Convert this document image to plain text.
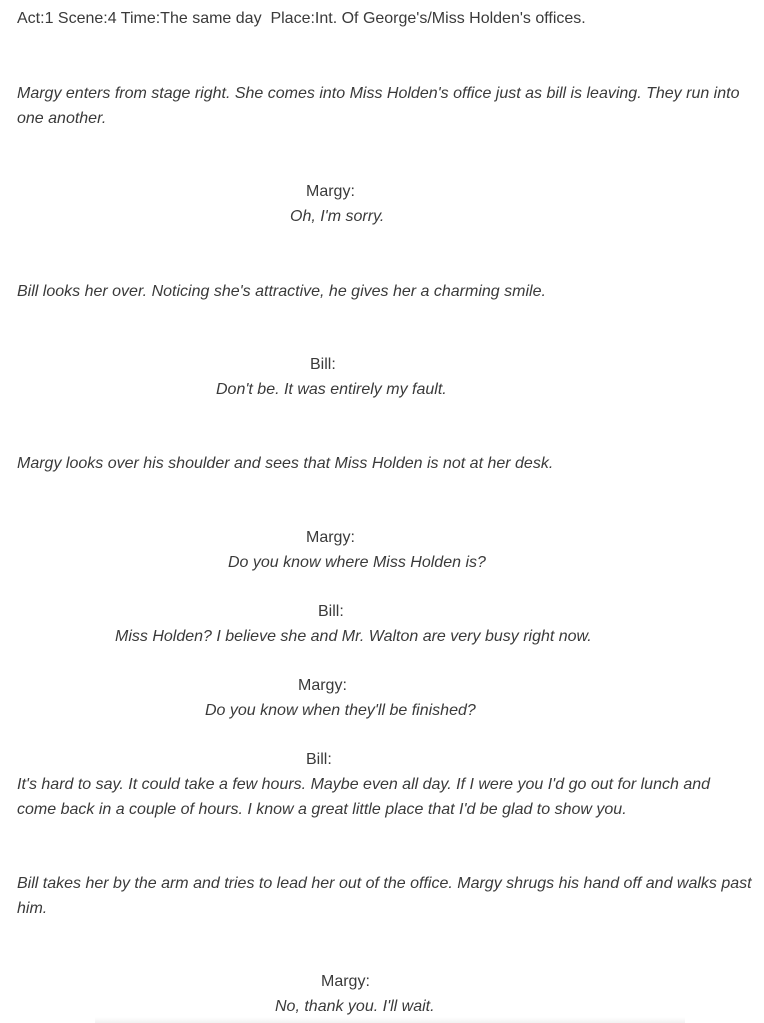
Act:1 Scene:4 Time:The same day  Place:Int. Of George's/Miss Holden's offices.

Margy enters from stage right. She comes into Miss Holden's office just as bill is leaving. They run into one another.

Margy:
Oh, I'm sorry.

Bill looks her over. Noticing she's attractive, he gives her a charming smile.

Bill:
Don't be. It was entirely my fault.

Margy looks over his shoulder and sees that Miss Holden is not at her desk.

Margy:
Do you know where Miss Holden is?
Bill:
Miss Holden? I believe she and Mr. Walton are very busy right now.
Margy:
Do you know when they'll be finished?
Bill:
It's hard to say. It could take a few hours. Maybe even all day. If I were you I'd go out for lunch and come back in a couple of hours. I know a great little place that I'd be glad to show you.

Bill takes her by the arm and tries to lead her out of the office. Margy shrugs his hand off and walks past him.

Margy:
No, thank you. I'll wait.
